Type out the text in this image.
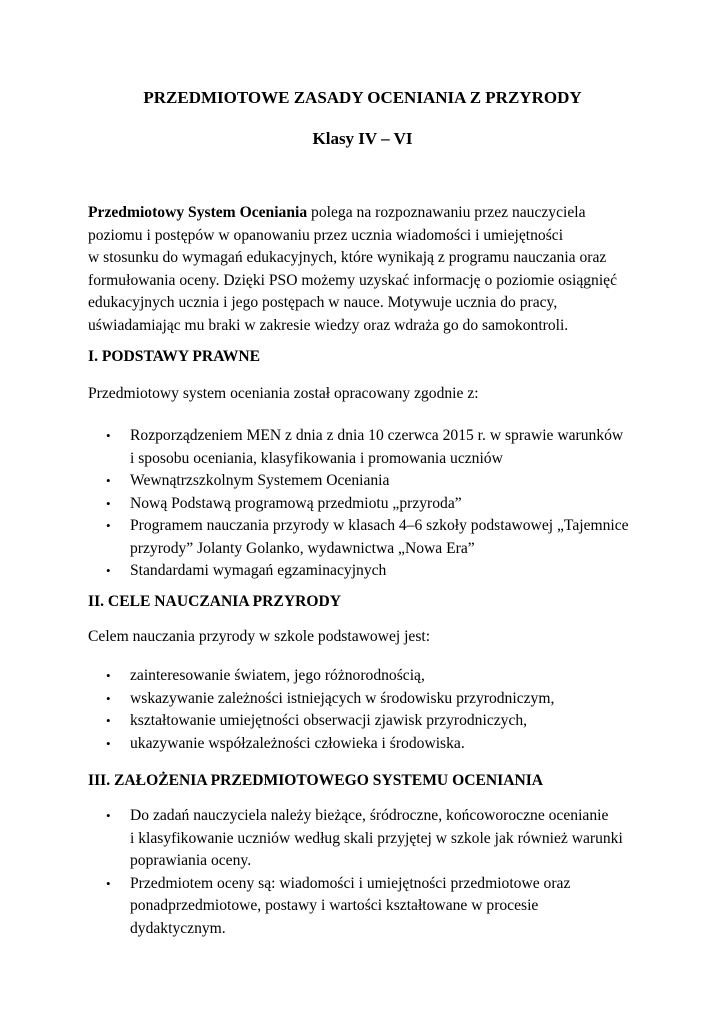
PRZEDMIOTOWE ZASADY OCENIANIA Z PRZYRODY
Klasy IV – VI

Przedmiotowy System Oceniania polega na rozpoznawaniu przez nauczyciela
poziomu i postępów w opanowaniu przez ucznia wiadomości i umiejętności
w stosunku do wymagań edukacyjnych, które wynikają z programu nauczania oraz
formułowania oceny. Dzięki PSO możemy uzyskać informację o poziomie osiągnięć
edukacyjnych ucznia i jego postępach w nauce. Motywuje ucznia do pracy,
uświadamiając mu braki w zakresie wiedzy oraz wdraża go do samokontroli.

I. PODSTAWY PRAWNE

Przedmiotowy system oceniania został opracowany zgodnie z:

• Rozporządzeniem MEN z dnia z dnia 10 czerwca 2015 r. w sprawie warunków
i sposobu oceniania, klasyfikowania i promowania uczniów
• Wewnątrzszkolnym Systemem Oceniania
• Nową Podstawą programową przedmiotu „przyroda”
• Programem nauczania przyrody w klasach 4–6 szkoły podstawowej „Tajemnice
przyrody” Jolanty Golanko, wydawnictwa „Nowa Era”
• Standardami wymagań egzaminacyjnych
II. CELE NAUCZANIA PRZYRODY

Celem nauczania przyrody w szkole podstawowej jest:

• zainteresowanie światem, jego różnorodnością,
• wskazywanie zależności istniejących w środowisku przyrodniczym,
• kształtowanie umiejętności obserwacji zjawisk przyrodniczych,
• ukazywanie współzależności człowieka i środowiska.
III. ZAŁOŻENIA PRZEDMIOTOWEGO SYSTEMU OCENIANIA
• Do zadań nauczyciela należy bieżące, śródroczne, końcoworoczne ocenianie
i klasyfikowanie uczniów według skali przyjętej w szkole jak również warunki
poprawiania oceny.
• Przedmiotem oceny są: wiadomości i umiejętności przedmiotowe oraz
ponadprzedmiotowe, postawy i wartości kształtowane w procesie
dydaktycznym.
